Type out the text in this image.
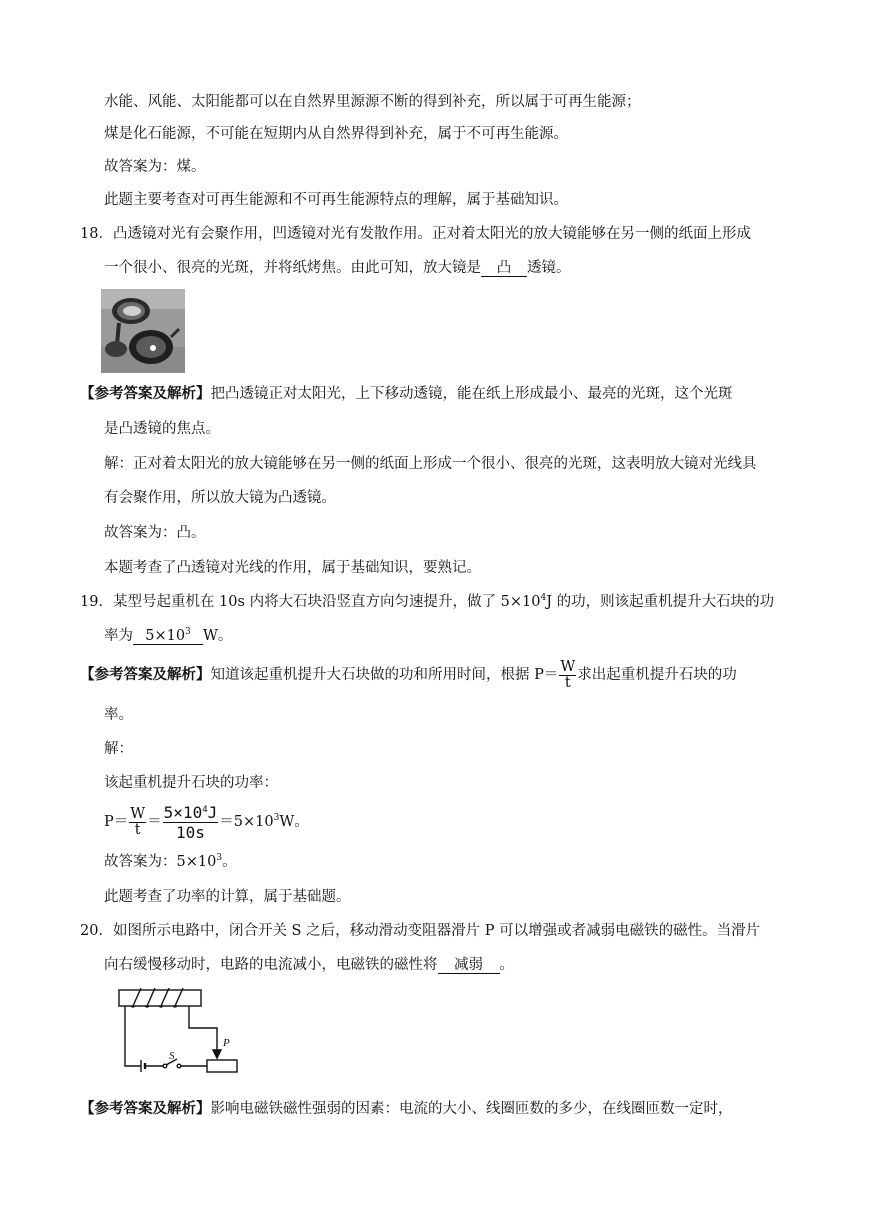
水能、风能、太阳能都可以在自然界里源源不断的得到补充，所以属于可再生能源；
煤是化石能源，不可能在短期内从自然界得到补充，属于不可再生能源。
故答案为：煤。
此题主要考查对可再生能源和不可再生能源特点的理解，属于基础知识。
18．凸透镜对光有会聚作用，凹透镜对光有发散作用。正对着太阳光的放大镜能够在另一侧的纸面上形成
一个很小、很亮的光斑，并将纸烤焦。由此可知，放大镜是 凸 透镜。
【参考答案及解析】把凸透镜正对太阳光，上下移动透镜，能在纸上形成最小、最亮的光斑，这个光斑
是凸透镜的焦点。
解：正对着太阳光的放大镜能够在另一侧的纸面上形成一个很小、很亮的光斑，这表明放大镜对光线具
有会聚作用，所以放大镜为凸透镜。
故答案为：凸。
本题考查了凸透镜对光线的作用，属于基础知识，要熟记。
19．某型号起重机在 10s 内将大石块沿竖直方向匀速提升，做了 $5\times 10^4J$ 的功，则该起重机提升大石块的功
率为 $5\times 10^3$ W。
【参考答案及解析】知道该起重机提升大石块做的功和所用时间，根据 $P= \frac{W}{t}$ 求出起重机提升石块的功
率。
解：
该起重机提升石块的功率：
$P= \frac{W}{t} = \frac{5\times 10^4J}{10s} =5\times 10^3W$。
故答案为：$5\times 10^3$。
此题考查了功率的计算，属于基础题。
20．如图所示电路中，闭合开关 S 之后，移动滑动变阻器滑片 P 可以增强或者减弱电磁铁的磁性。当滑片
向右缓慢移动时，电路的电流减小，电磁铁的磁性将 减弱 。
S
P
【参考答案及解析】影响电磁铁磁性强弱的因素：电流的大小、线圈匝数的多少，在线圈匝数一定时，
